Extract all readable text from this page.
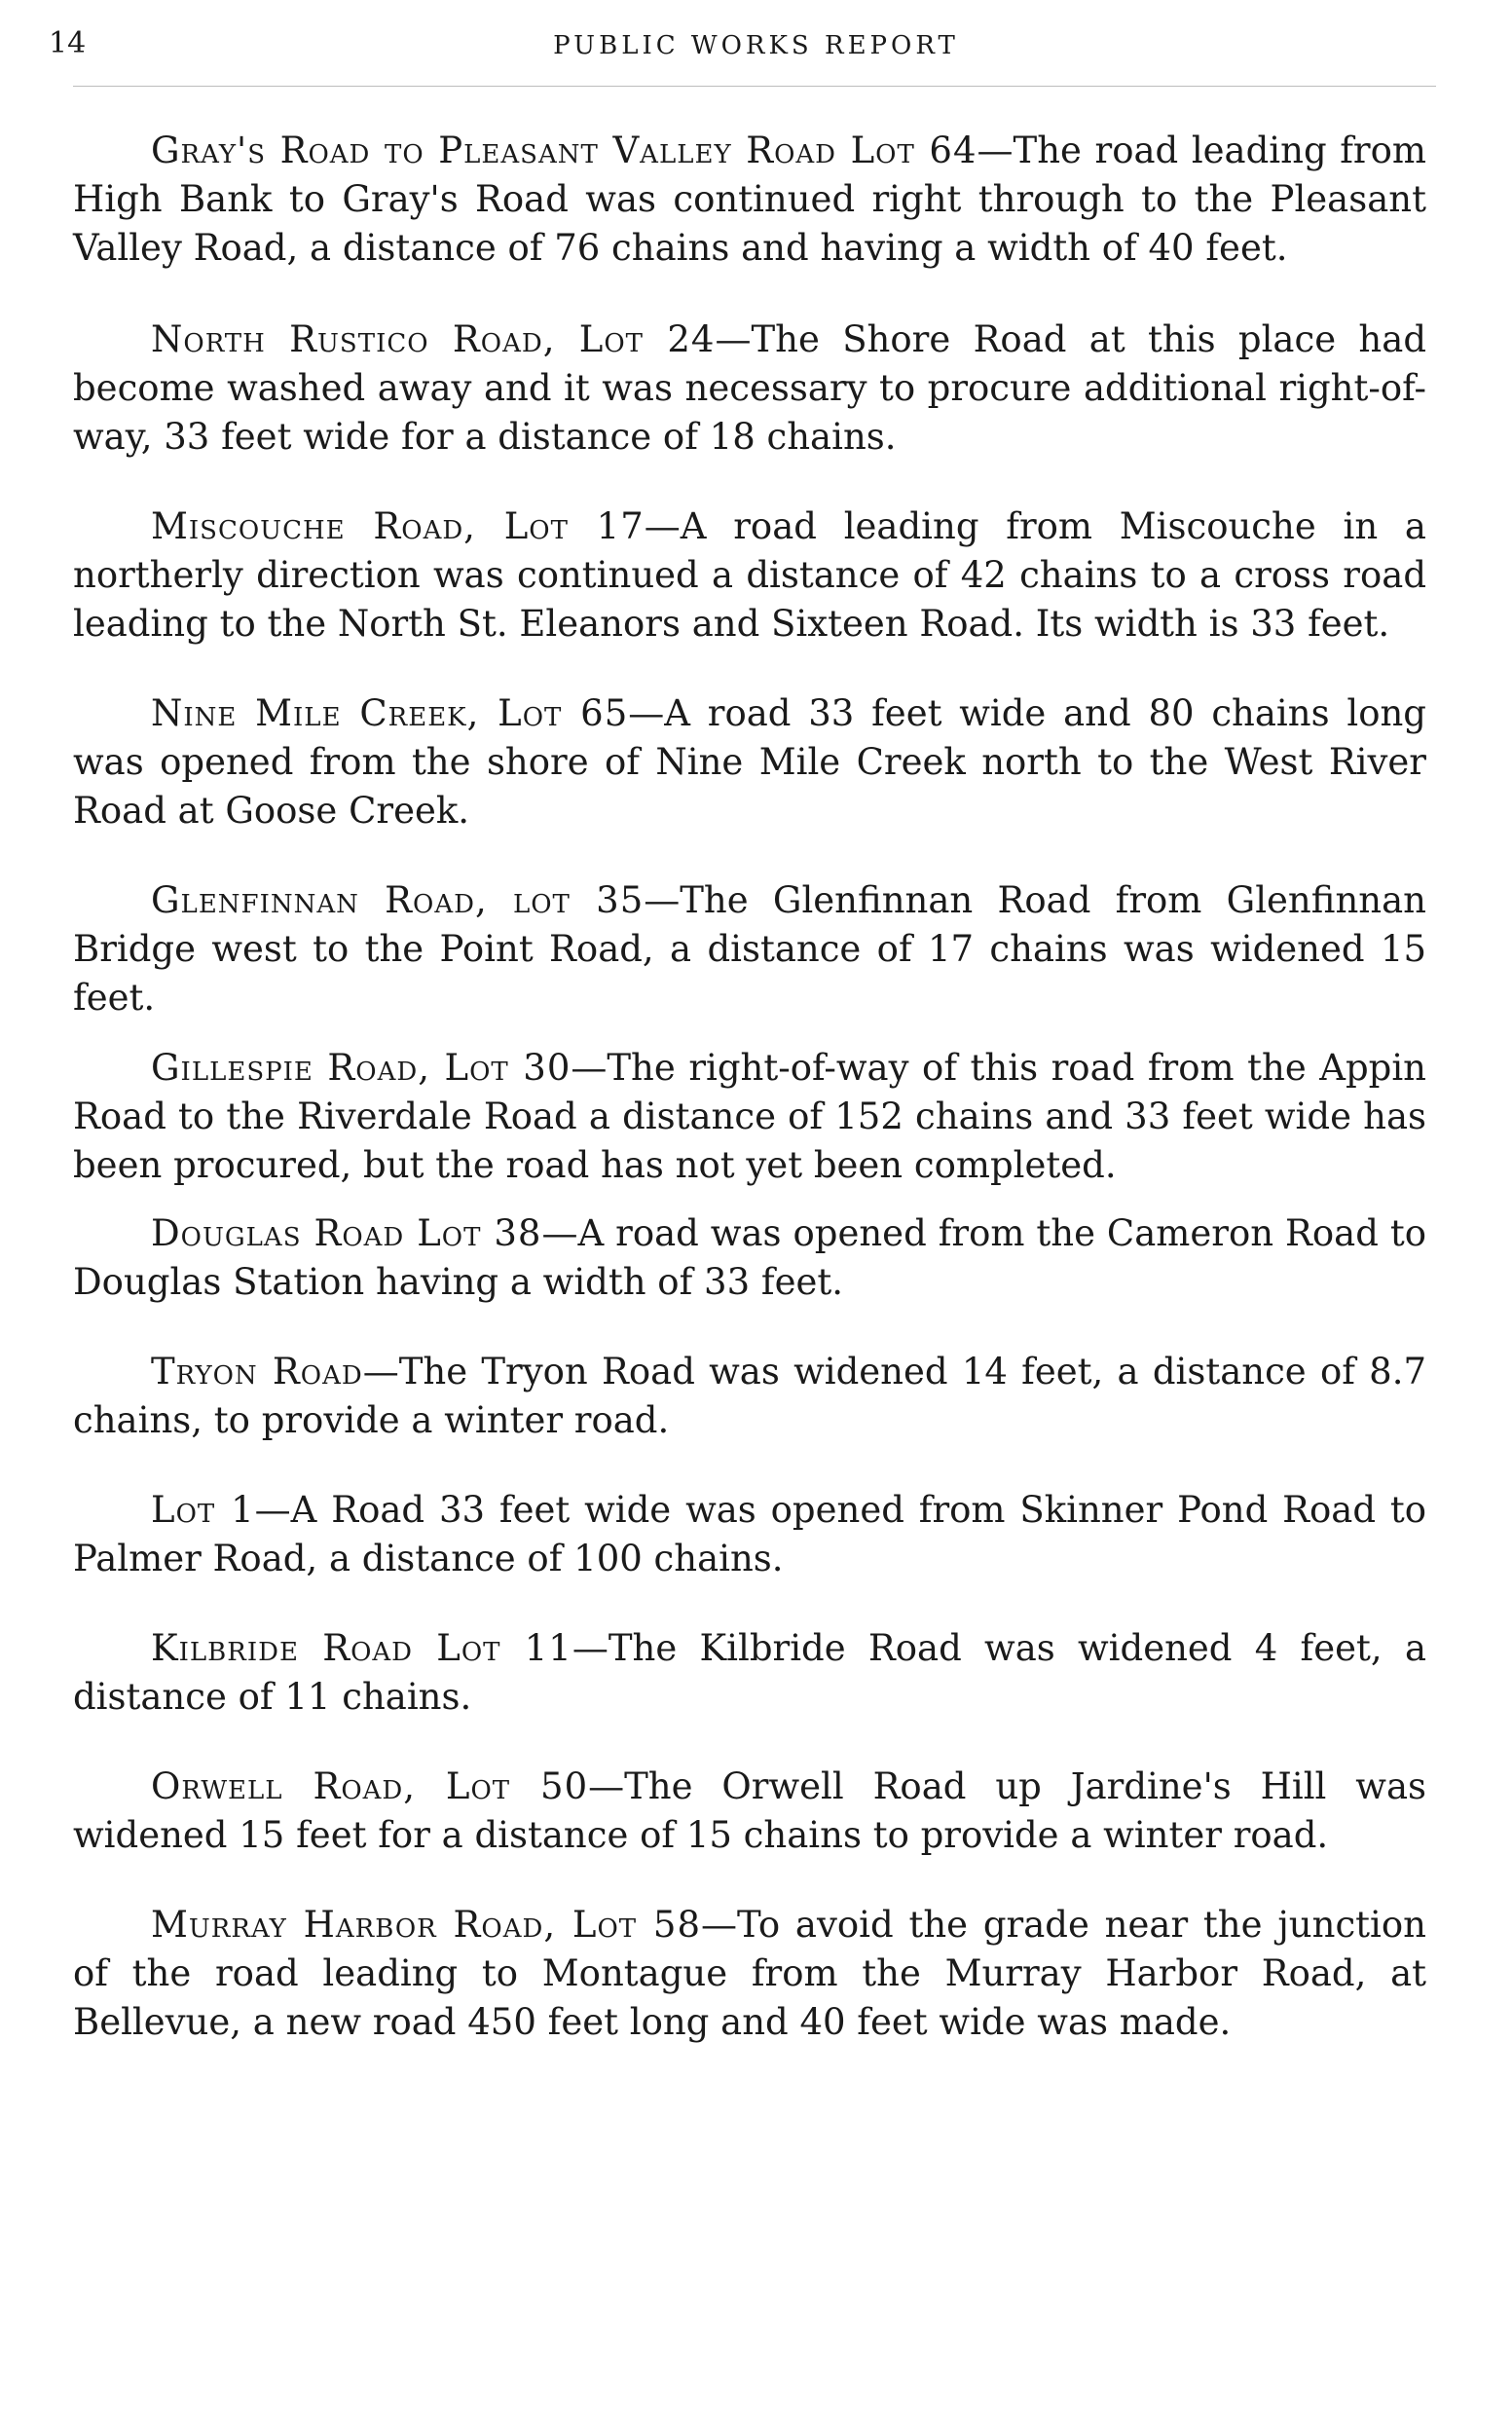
14	PUBLIC WORKS REPORT

Gray's Road to Pleasant Valley Road Lot 64—The road leading from High Bank to Gray's Road was continued right through to the Pleasant Valley Road, a distance of 76 chains and having a width of 40 feet.

North Rustico Road, Lot 24—The Shore Road at this place had become washed away and it was necessary to procure additional right-of-way, 33 feet wide for a distance of 18 chains.

Miscouche Road, Lot 17—A road leading from Miscouche in a northerly direction was continued a distance of 42 chains to a cross road leading to the North St. Eleanors and Sixteen Road. Its width is 33 feet.

Nine Mile Creek, Lot 65—A road 33 feet wide and 80 chains long was opened from the shore of Nine Mile Creek north to the West River Road at Goose Creek.

Glenfinnan Road, lot 35—The Glenfinnan Road from Glenfinnan Bridge west to the Point Road, a distance of 17 chains was widened 15 feet.

Gillespie Road, Lot 30—The right-of-way of this road from the Appin Road to the Riverdale Road a distance of 152 chains and 33 feet wide has been procured, but the road has not yet been completed.

Douglas Road Lot 38—A road was opened from the Cameron Road to Douglas Station having a width of 33 feet.

Tryon Road—The Tryon Road was widened 14 feet, a distance of 8.7 chains, to provide a winter road.

Lot 1—A Road 33 feet wide was opened from Skinner Pond Road to Palmer Road, a distance of 100 chains.

Kilbride Road Lot 11—The Kilbride Road was widened 4 feet, a distance of 11 chains.

Orwell Road, Lot 50—The Orwell Road up Jardine's Hill was widened 15 feet for a distance of 15 chains to provide a winter road.

Murray Harbor Road, Lot 58—To avoid the grade near the junction of the road leading to Montague from the Murray Harbor Road, at Bellevue, a new road 450 feet long and 40 feet wide was made.
